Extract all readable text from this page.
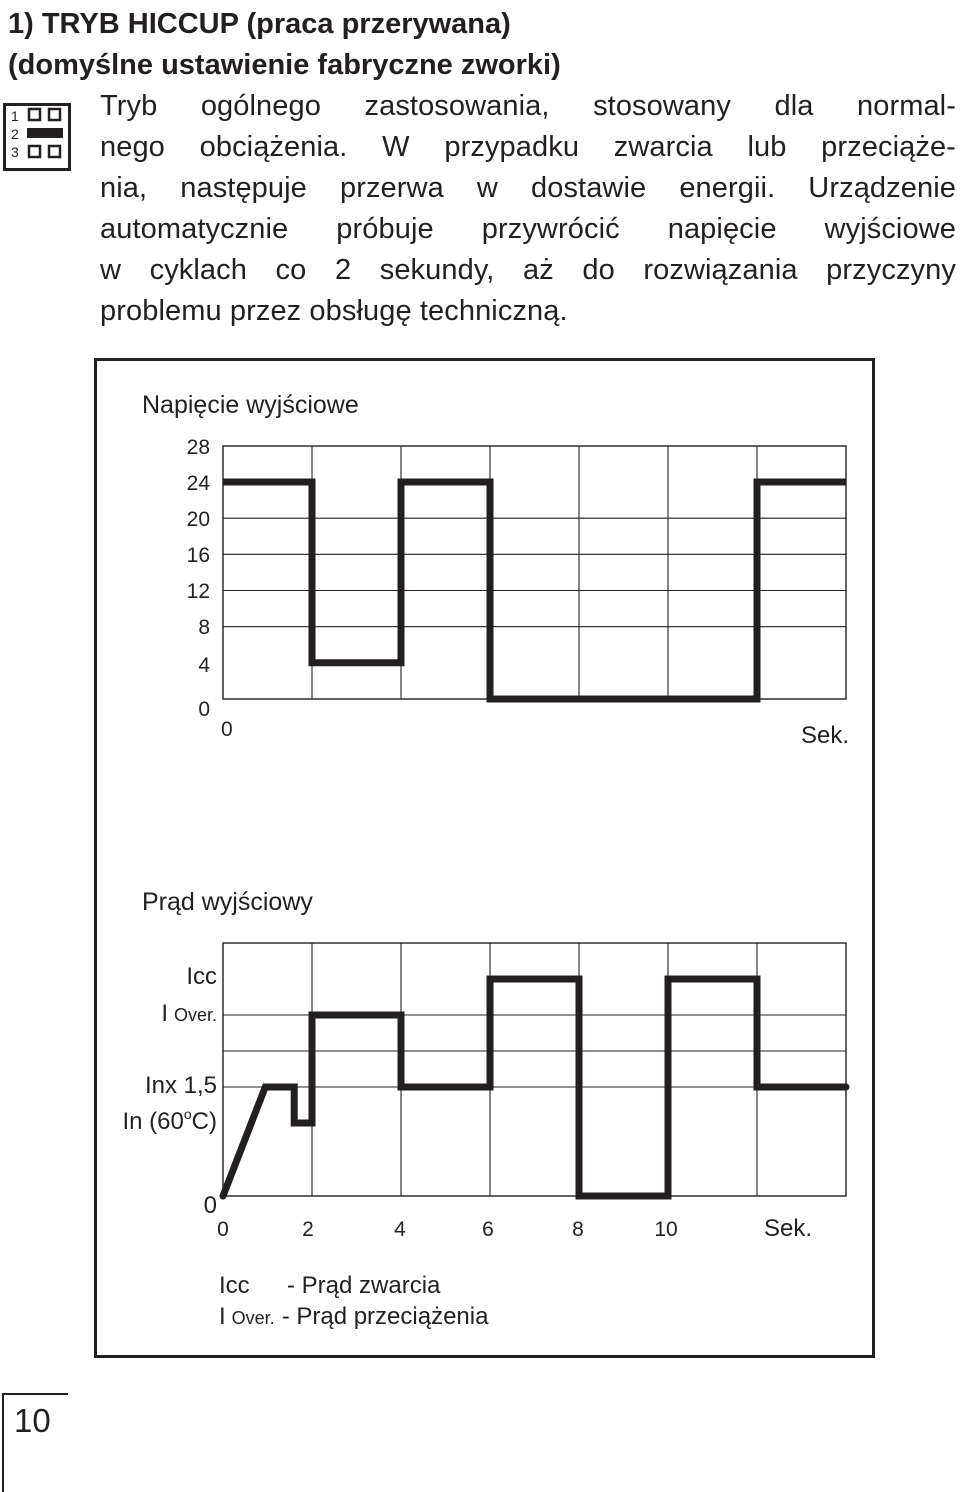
1) TRYB HICCUP (praca przerywana)
(domyślne ustawienie fabryczne zworki)
1
2
3

Tryb ogólnego zastosowania, stosowany dla normal-
nego obciążenia. W przypadku zwarcia lub przeciąże-
nia, następuje przerwa w dostawie energii. Urządzenie
automatycznie próbuje przywrócić napięcie wyjściowe
w cyklach co 2 sekundy, aż do rozwiązania przyczyny
problemu przez obsługę techniczną.

Napięcie wyjściowe
28
24
20
16
12
8
4
0
0	Sek.
Prąd wyjściowy
Icc
I Over.
Inx 1,5
In (60$^o$C)
0
0	2	4	6	8	10	Sek.
Icc - Prąd zwarcia
I Over. - Prąd przeciążenia
10
